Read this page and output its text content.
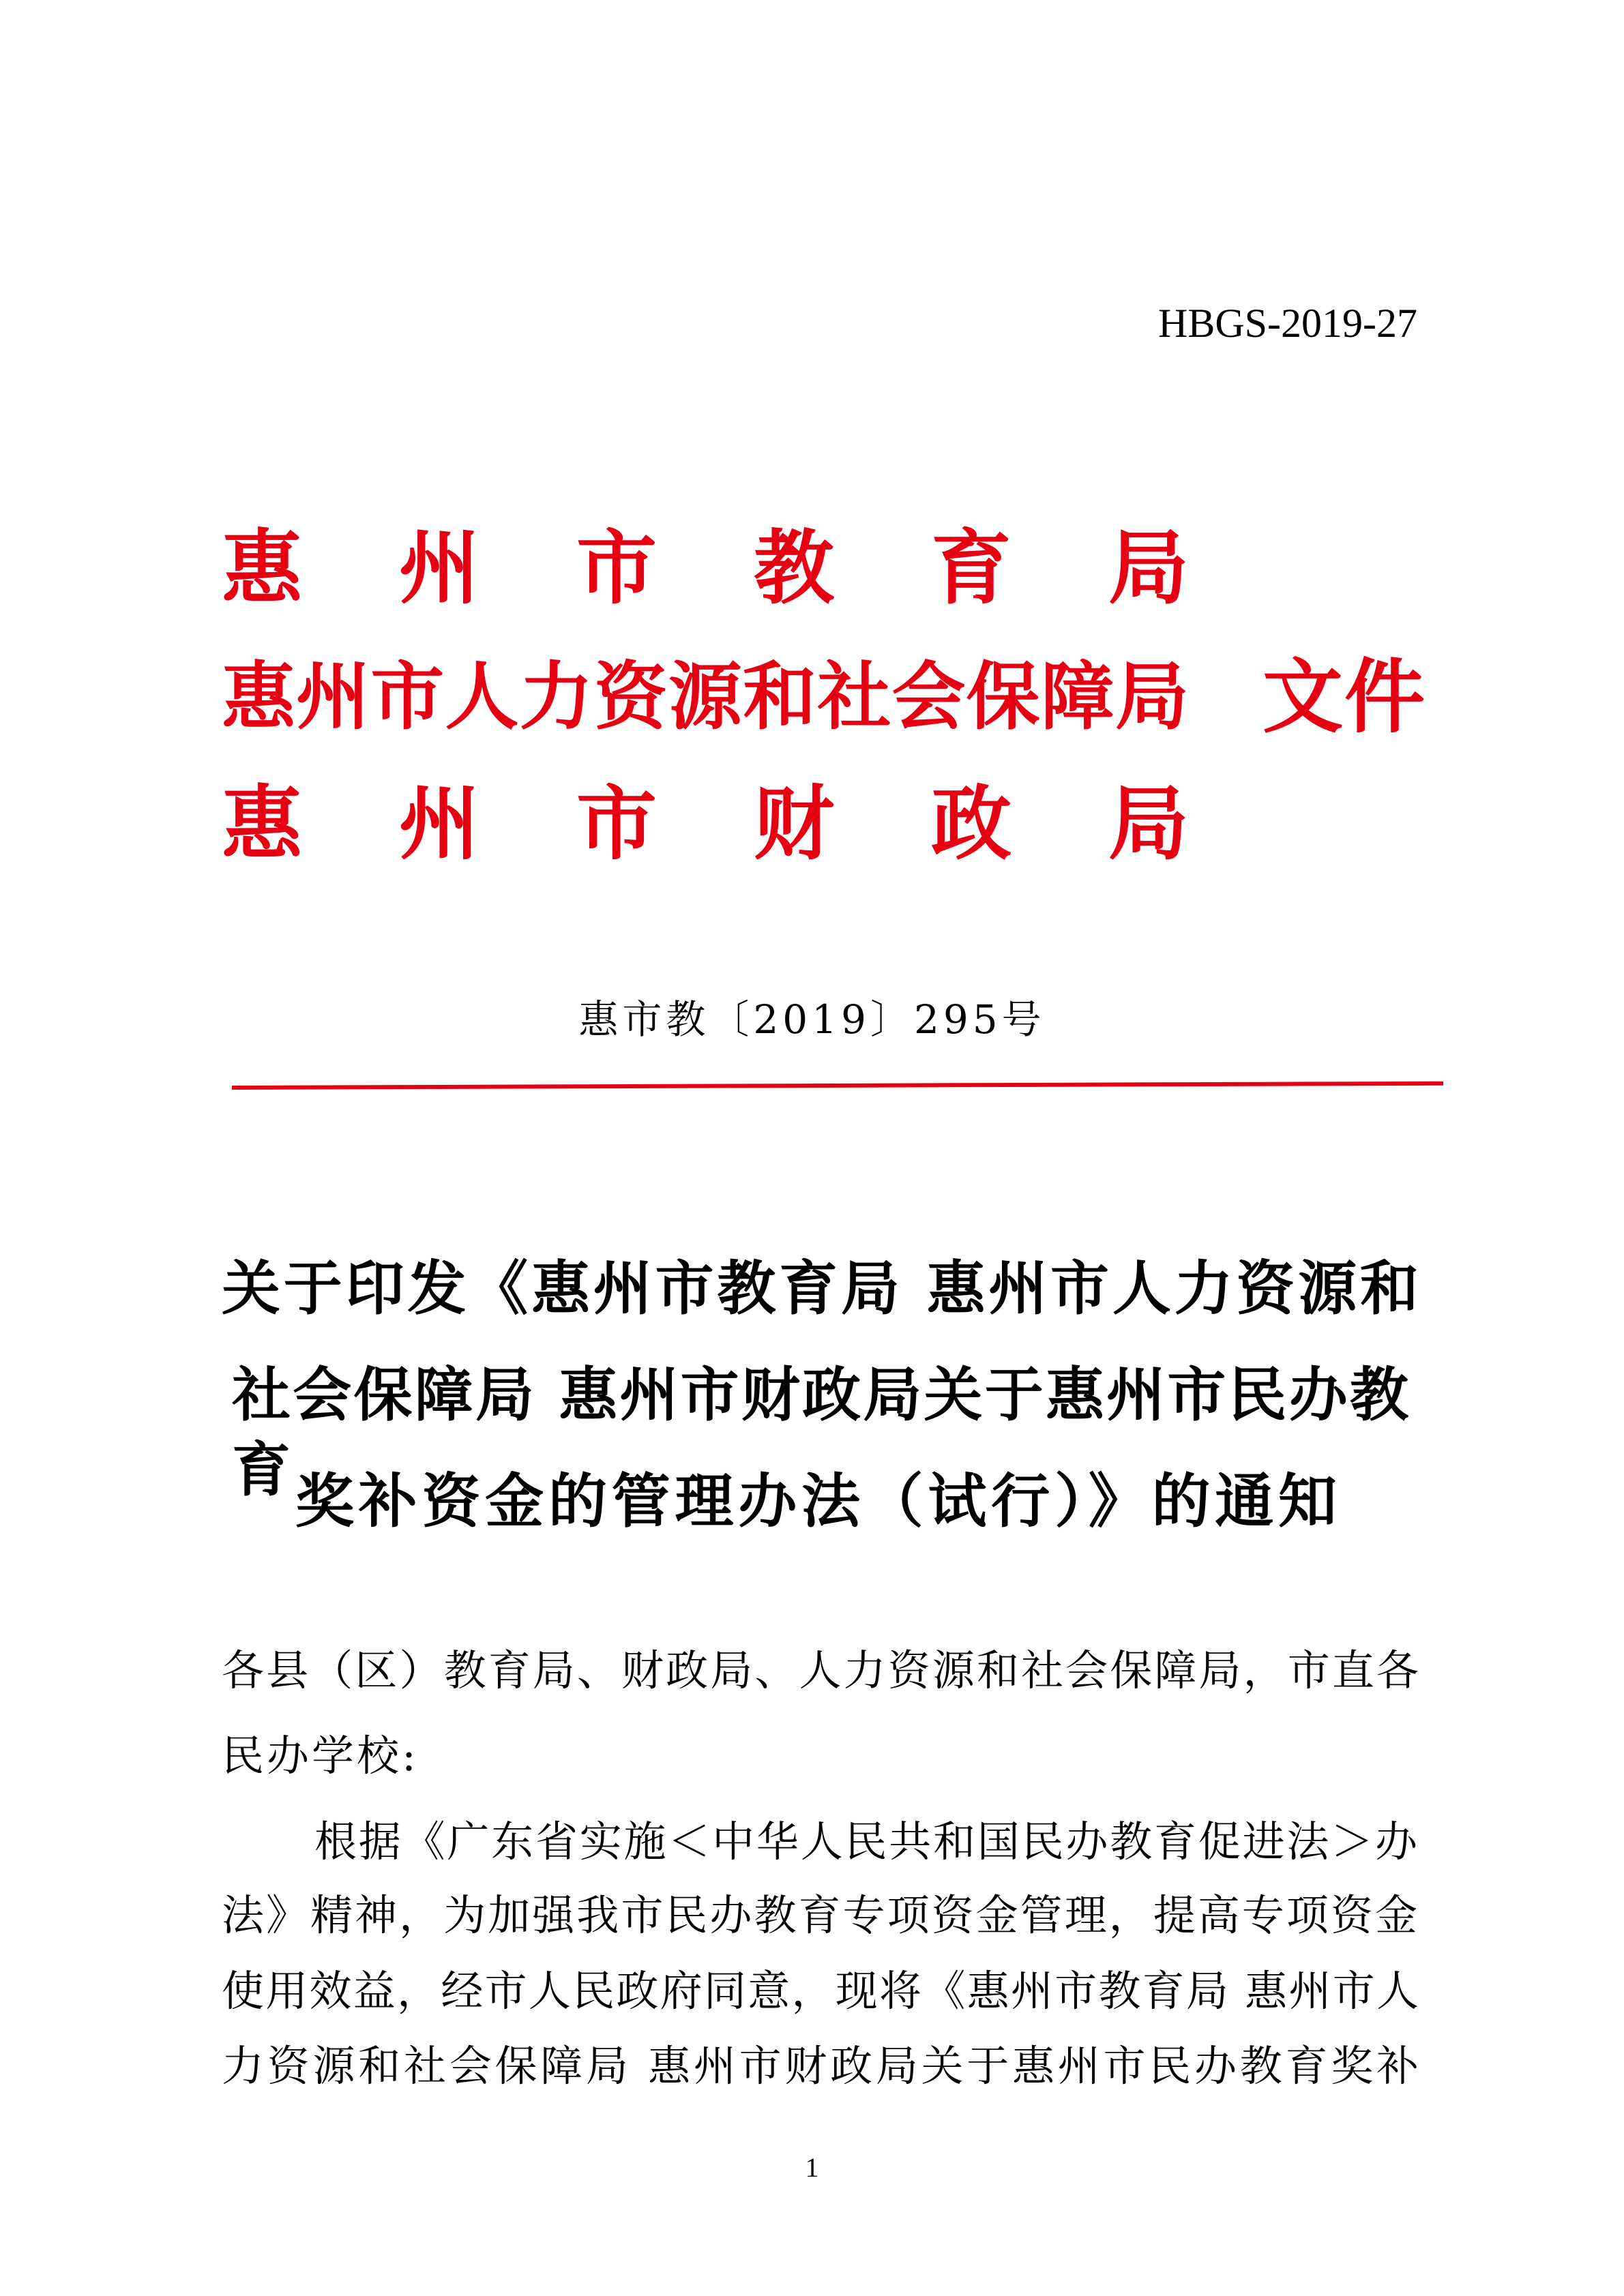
HBGS-2019-27
惠 州 市 教 育 局
惠州市人力资源和社会保障局 文件
惠 州 市 财 政 局
惠市教〔2019〕295号
关于印发《惠州市教育局 惠州市人力资源和
社会保障局 惠州市财政局关于惠州市民办教育 奖补资金的管理办法（试行）》的通知
各县（区）教育局、财政局、人力资源和社会保障局，市直各
民办学校:
根据《广东省实施＜中华人民共和国民办教育促进法＞办
法》精神，为加强我市民办教育专项资金管理，提高专项资金
使用效益，经市人民政府同意，现将《惠州市教育局 惠州市人
力资源和社会保障局 惠州市财政局关于惠州市民办教育奖补
1
